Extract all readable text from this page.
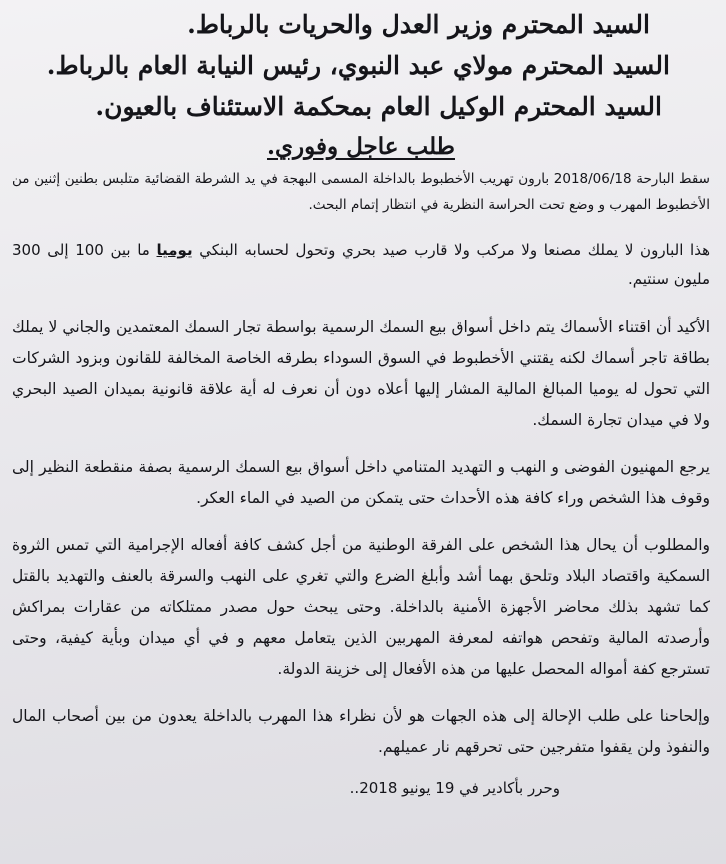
السيد المحترم وزير العدل والحريات بالرباط.

السيد المحترم مولاي عبد النبوي، رئيس النيابة العام بالرباط.

السيد المحترم الوكيل العام بمحكمة الاستئناف بالعيون.

طلب عاجل وفوري.

سقط البارحة 2018/06/18 بارون تهريب الأخطبوط بالداخلة المسمى البهجة في يد الشرطة القضائية متلبس بطنين إثنين من الأخطبوط المهرب و وضع تحت الحراسة النظرية في انتظار إتمام البحث.

هذا البارون لا يملك مصنعا ولا مركب ولا قارب صيد بحري وتحول لحسابه البنكي يوميا ما بين 100 إلى 300 مليون سنتيم.

الأكيد أن اقتناء الأسماك يتم داخل أسواق بيع السمك الرسمية بواسطة تجار السمك المعتمدين والجاني لا يملك بطاقة تاجر أسماك لكنه يقتني الأخطبوط في السوق السوداء بطرقه الخاصة المخالفة للقانون وبزود الشركات التي تحول له يوميا المبالغ المالية المشار إليها أعلاه دون أن نعرف له أية علاقة قانونية بميدان الصيد البحري ولا في ميدان تجارة السمك.

يرجع المهنيون الفوضى و النهب و التهديد المتنامي داخل أسواق بيع السمك الرسمية بصفة منقطعة النظير إلى وقوف هذا الشخص وراء كافة هذه الأحداث حتى يتمكن من الصيد في الماء العكر.

والمطلوب أن يحال هذا الشخص على الفرقة الوطنية من أجل كشف كافة أفعاله الإجرامية التي تمس الثروة السمكية واقتصاد البلاد وتلحق بهما أشد وأبلغ الضرع والتي تغري على النهب والسرقة بالعنف والتهديد بالقتل كما تشهد بذلك محاضر الأجهزة الأمنية بالداخلة. وحتى يبحث حول مصدر ممتلكاته من عقارات بمراكش وأرصدته المالية وتفحص هواتفه لمعرفة المهربين الذين يتعامل معهم و في أي ميدان وبأية كيفية، وحتى تسترجع كفة أمواله المحصل عليها من هذه الأفعال إلى خزينة الدولة.

وإلحاحنا على طلب الإحالة إلى هذه الجهات هو لأن نظراء هذا المهرب بالداخلة يعدون من بين أصحاب المال والنفوذ ولن يقفوا متفرجين حتى تحرقهم نار عميلهم.

وحرر بأكادير في 19 يونيو 2018..
